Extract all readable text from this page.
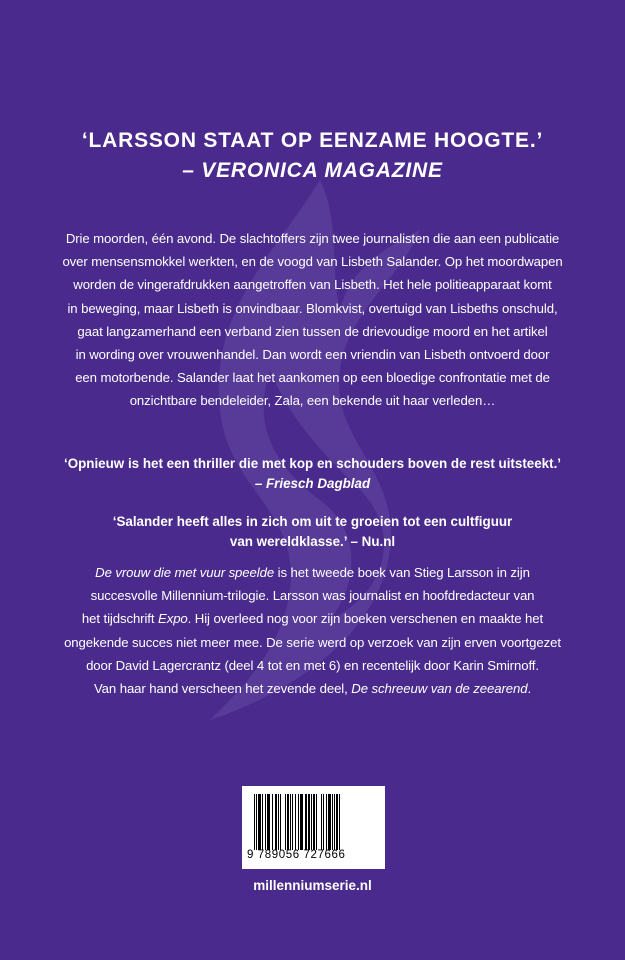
‘LARSSON STAAT OP EENZAME HOOGTE.’
– VERONICA MAGAZINE
Drie moorden, één avond. De slachtoffers zijn twee journalisten die aan een publicatie
over mensensmokkel werkten, en de voogd van Lisbeth Salander. Op het moordwapen
worden de vingerafdrukken aangetroffen van Lisbeth. Het hele politieapparaat komt
in beweging, maar Lisbeth is onvindbaar. Blomkvist, overtuigd van Lisbeths onschuld,
gaat langzamerhand een verband zien tussen de drievoudige moord en het artikel
in wording over vrouwenhandel. Dan wordt een vriendin van Lisbeth ontvoerd door
een motorbende. Salander laat het aankomen op een bloedige confrontatie met de
onzichtbare bendeleider, Zala, een bekende uit haar verleden…
‘Opnieuw is het een thriller die met kop en schouders boven de rest uitsteekt.’
– Friesch Dagblad
‘Salander heeft alles in zich om uit te groeien tot een cultfiguur
van wereldklasse.’ – Nu.nl
De vrouw die met vuur speelde is het tweede boek van Stieg Larsson in zijn
succesvolle Millennium-trilogie. Larsson was journalist en hoofdredacteur van
het tijdschrift Expo. Hij overleed nog voor zijn boeken verschenen en maakte het
ongekende succes niet meer mee. De serie werd op verzoek van zijn erven voortgezet
door David Lagercrantz (deel 4 tot en met 6) en recentelijk door Karin Smirnoff.
Van haar hand verscheen het zevende deel, De schreeuw van de zeearend.
9 789056 727666
millenniumserie.nl
